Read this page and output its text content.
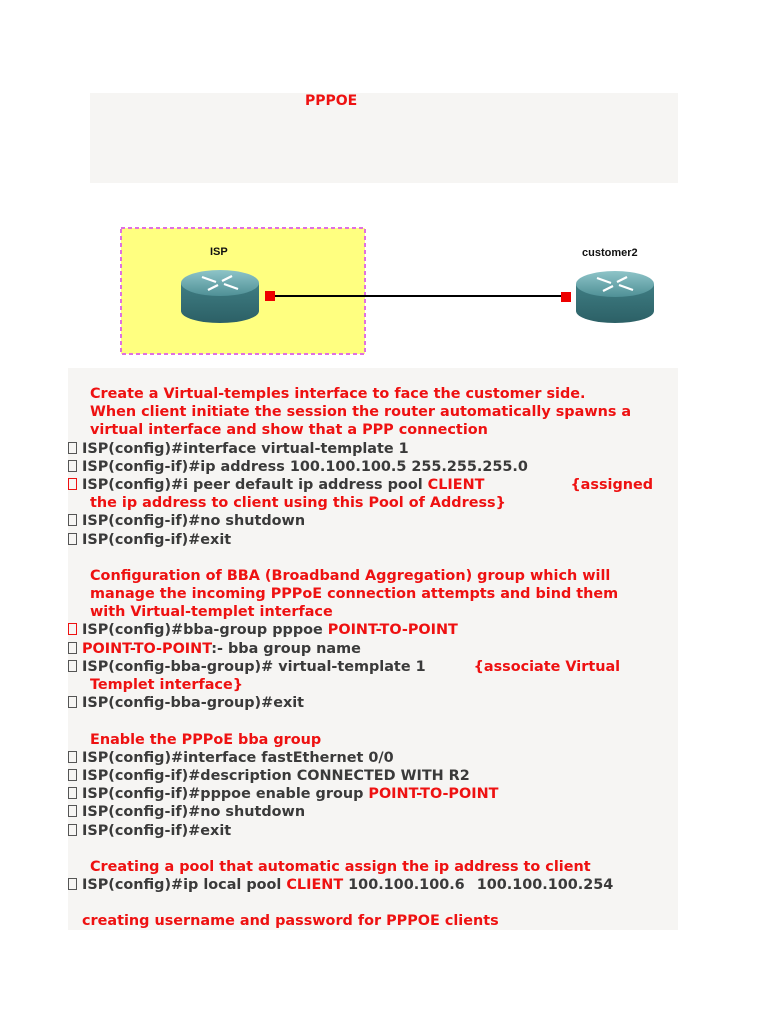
PPPOE
ISP	customer2
Create a Virtual-temples interface to face the customer side.
When client initiate the session the router automatically spawns a
virtual interface and show that a PPP connection
ISP(config)#interface virtual-template 1
ISP(config-if)#ip address 100.100.100.5 255.255.255.0
ISP(config)#i peer default ip address pool CLIENT	{assigned
the ip address to client using this Pool of Address}
ISP(config-if)#no shutdown
ISP(config-if)#exit
Configuration of BBA (Broadband Aggregation) group which will
manage the incoming PPPoE connection attempts and bind them
with Virtual-templet interface
ISP(config)#bba-group pppoe POINT-TO-POINT
POINT-TO-POINT:- bba group name
ISP(config-bba-group)# virtual-template 1	{associate Virtual
Templet interface}
ISP(config-bba-group)#exit
Enable the PPPoE bba group
ISP(config)#interface fastEthernet 0/0
ISP(config-if)#description CONNECTED WITH R2
ISP(config-if)#pppoe enable group POINT-TO-POINT
ISP(config-if)#no shutdown
ISP(config-if)#exit
Creating a pool that automatic assign the ip address to client
ISP(config)#ip local pool CLIENT 100.100.100.6 100.100.100.254
creating username and password for PPPOE clients
